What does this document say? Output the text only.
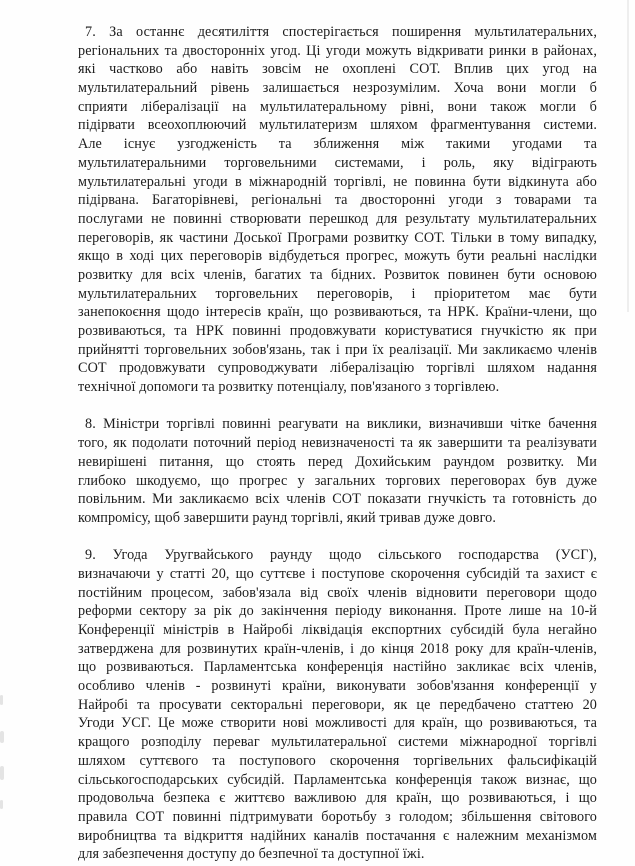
7. За останнє десятиліття спостерігається поширення мультилатеральних,
регіональних та двосторонніх угод. Ці угоди можуть відкривати ринки в районах,
які частково або навіть зовсім не охоплені СОТ. Вплив цих угод на
мультилатеральний рівень залишається незрозумілим. Хоча вони могли б
сприяти лібералізації на мультилатеральному рівні, вони також могли б
підірвати всеохоплюючий мультилатеризм шляхом фрагментування системи.
Але існує узгодженість та зближення між такими угодами та
мультилатеральними торговельними системами, і роль, яку відіграють
мультилатеральні угоди в міжнародній торгівлі, не повинна бути відкинута або
підірвана. Багаторівневі, регіональні та двосторонні угоди з товарами та
послугами не повинні створювати перешкод для результату мультилатеральних
переговорів, як частини Доської Програми розвитку СОТ. Тільки в тому випадку,
якщо в ході цих переговорів відбудеться прогрес, можуть бути реальні наслідки
розвитку для всіх членів, багатих та бідних. Розвиток повинен бути основою
мультилатеральних торговельних переговорів, і пріоритетом має бути
занепокоєння щодо інтересів країн, що розвиваються, та НРК. Країни-члени, що
розвиваються, та НРК повинні продовжувати користуватися гнучкістю як при
прийнятті торговельних зобов'язань, так і при їх реалізації. Ми закликаємо членів
СОТ продовжувати супроводжувати лібералізацію торгівлі шляхом надання
технічної допомоги та розвитку потенціалу, пов'язаного з торгівлею.
8. Міністри торгівлі повинні реагувати на виклики, визначивши чітке бачення
того, як подолати поточний період невизначеності та як завершити та реалізувати
невирішені питання, що стоять перед Дохийським раундом розвитку. Ми
глибоко шкодуємо, що прогрес у загальних торгових переговорах був дуже
повільним. Ми закликаємо всіх членів СОТ показати гнучкість та готовність до
компромісу, щоб завершити раунд торгівлі, який тривав дуже довго.
9. Угода Уругвайського раунду щодо сільського господарства (УСГ),
визначаючи у статті 20, що суттєве і поступове скорочення субсидій та захист є
постійним процесом, забов'язала від своїх членів відновити переговори щодо
реформи сектору за рік до закінчення періоду виконання. Проте лише на 10-й
Конференції міністрів в Найробі ліквідація експортних субсидій була негайно
затверджена для розвинутих країн-членів, і до кінця 2018 року для країн-членів,
що розвиваються. Парламентська конференція настійно закликає всіх членів,
особливо членів - розвинуті країни, виконувати зобов'язання конференції у
Найробі та просувати секторальні переговори, як це передбачено статтею 20
Угоди УСГ. Це може створити нові можливості для країн, що розвиваються, та
кращого розподілу переваг мультилатеральної системи міжнародної торгівлі
шляхом суттєвого та поступового скорочення торгівельних фальсифікацій
сільськогосподарських субсидій. Парламентська конференція також визнає, що
продовольча безпека є життєво важливою для країн, що розвиваються, і що
правила СОТ повинні підтримувати боротьбу з голодом; збільшення світового
виробництва та відкриття надійних каналів постачання є належним механізмом
для забезпечення доступу до безпечної та доступної їжі.
